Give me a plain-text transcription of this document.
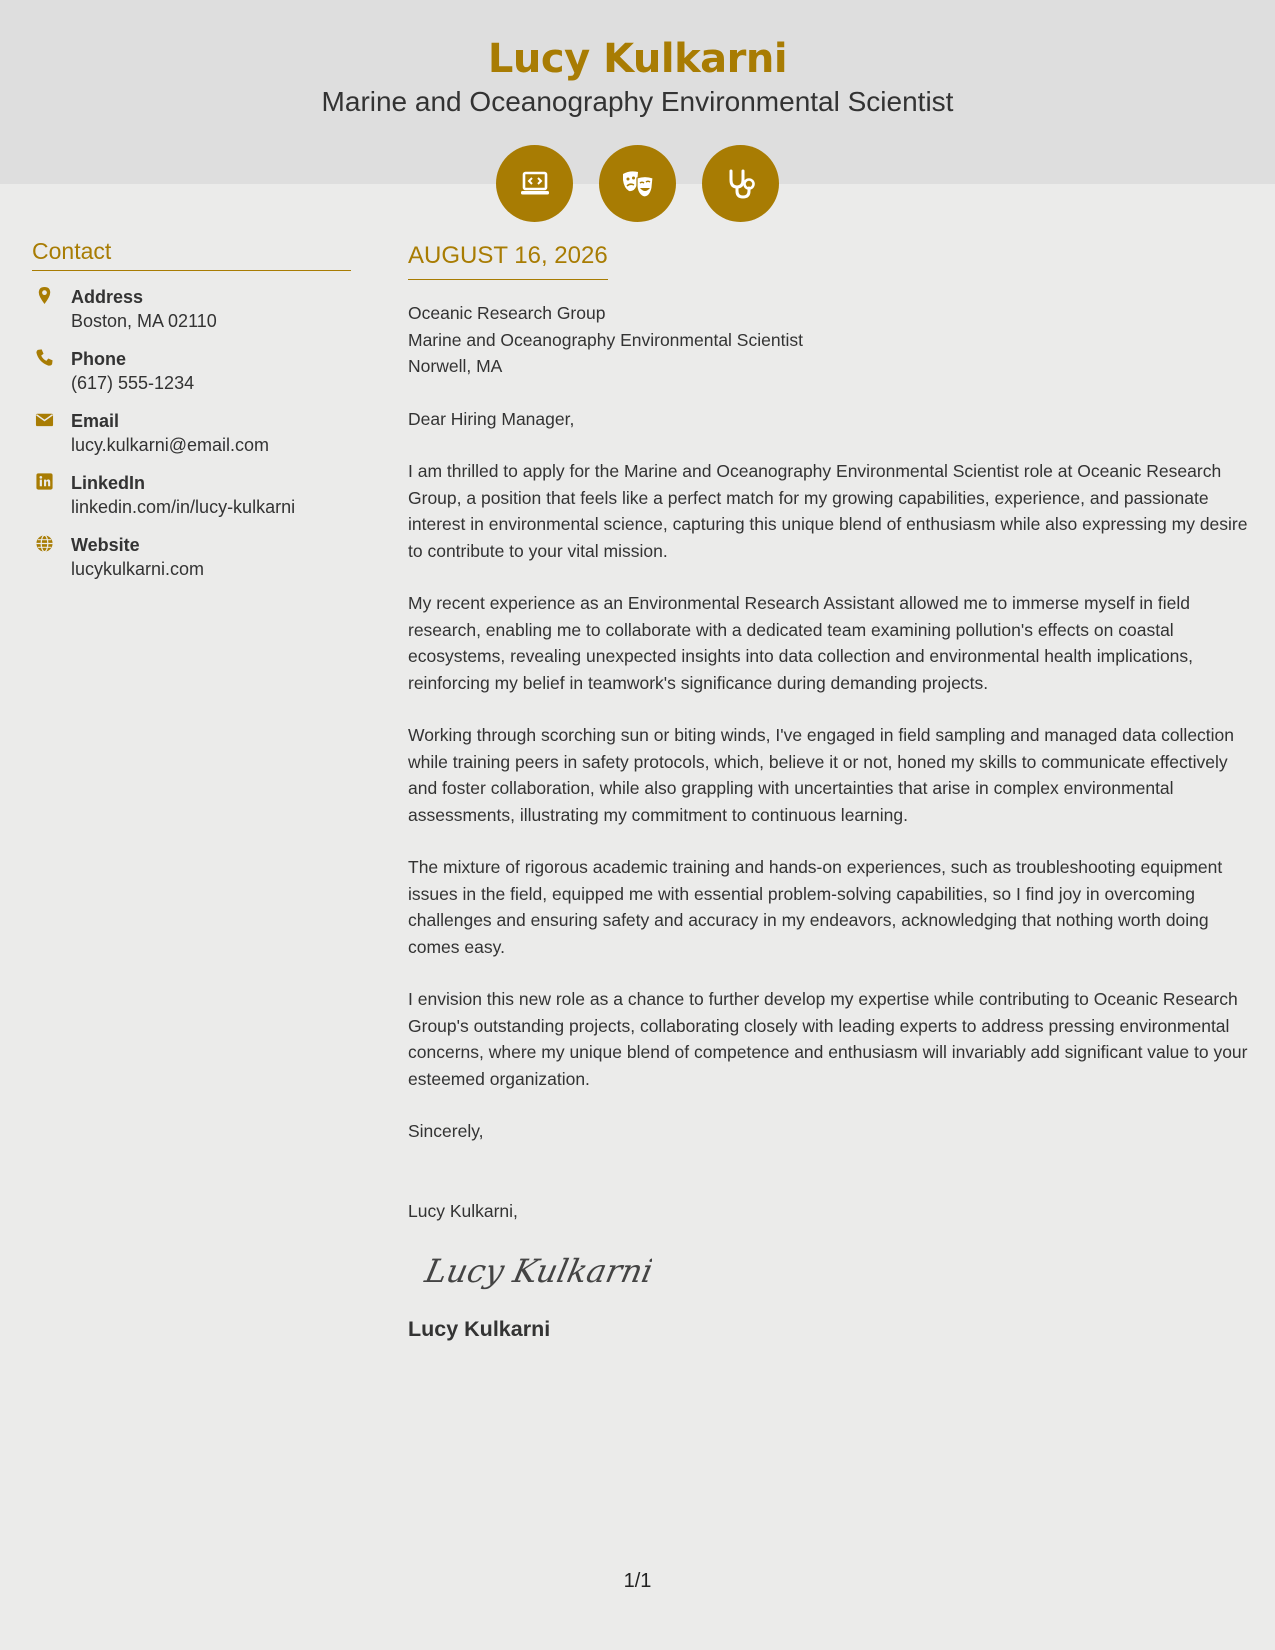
Lucy Kulkarni
Marine and Oceanography Environmental Scientist
Contact
Address
Boston, MA 02110
Phone
(617) 555-1234
Email
lucy.kulkarni@email.com
LinkedIn
linkedin.com/in/lucy-kulkarni
Website
lucykulkarni.com
AUGUST 16, 2026
Oceanic Research Group
Marine and Oceanography Environmental Scientist
Norwell, MA
Dear Hiring Manager,

I am thrilled to apply for the Marine and Oceanography Environmental Scientist role at Oceanic Research Group, a position that feels like a perfect match for my growing capabilities, experience, and passionate interest in environmental science, capturing this unique blend of enthusiasm while also expressing my desire to contribute to your vital mission.

My recent experience as an Environmental Research Assistant allowed me to immerse myself in field research, enabling me to collaborate with a dedicated team examining pollution's effects on coastal ecosystems, revealing unexpected insights into data collection and environmental health implications, reinforcing my belief in teamwork's significance during demanding projects.

Working through scorching sun or biting winds, I've engaged in field sampling and managed data collection while training peers in safety protocols, which, believe it or not, honed my skills to communicate effectively and foster collaboration, while also grappling with uncertainties that arise in complex environmental assessments, illustrating my commitment to continuous learning.

The mixture of rigorous academic training and hands-on experiences, such as troubleshooting equipment issues in the field, equipped me with essential problem-solving capabilities, so I find joy in overcoming challenges and ensuring safety and accuracy in my endeavors, acknowledging that nothing worth doing comes easy.

I envision this new role as a chance to further develop my expertise while contributing to Oceanic Research Group's outstanding projects, collaborating closely with leading experts to address pressing environmental concerns, where my unique blend of competence and enthusiasm will invariably add significant value to your esteemed organization.

Sincerely,
Lucy Kulkarni,
Lucy Kulkarni
Lucy Kulkarni
1/1
